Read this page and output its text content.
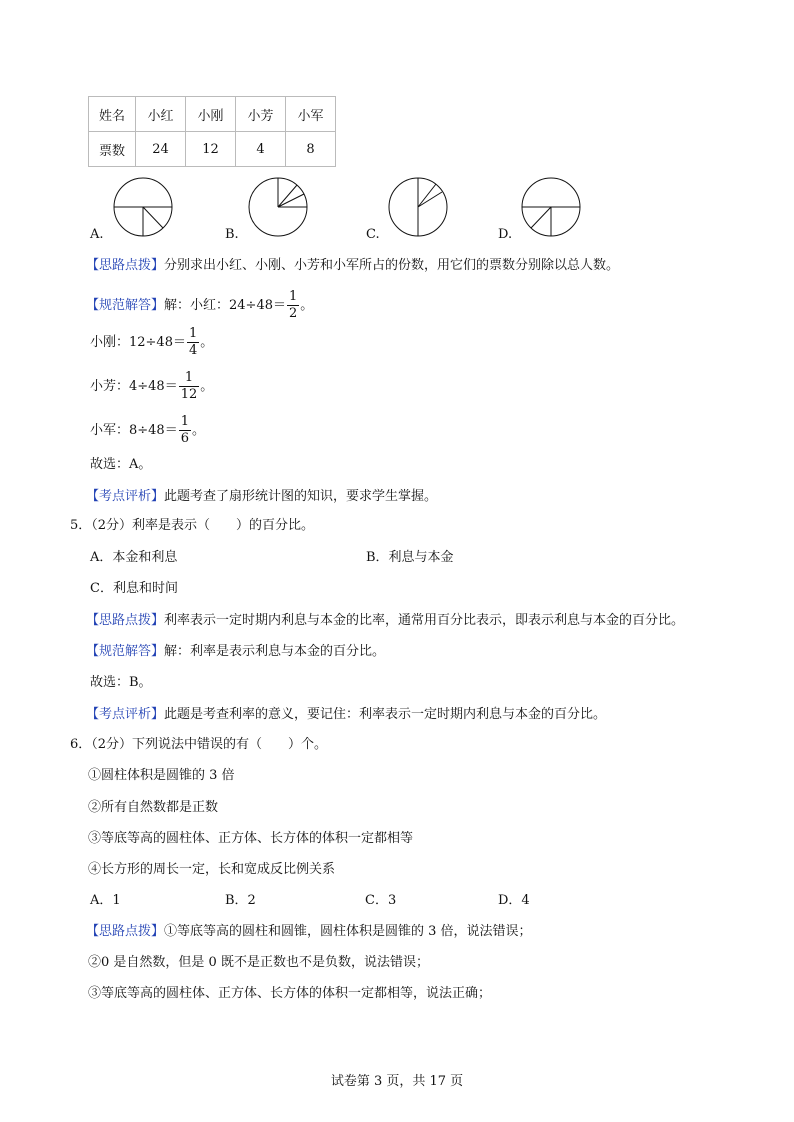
姓名	小红	小刚	小芳	小军
票数	24	12	4	8
A.	B.	C.	D.
【思路点拨】分别求出小红、小刚、小芳和小军所占的份数，用它们的票数分别除以总人数。
【规范解答】解：小红：$24\div 48= \frac{1}{2}$ 。
小刚：$12\div 48= \frac{1}{4}$ 。
小芳：$4\div 48= \frac{1}{12}$ 。
小军：$8\div 48= \frac{1}{6}$ 。
故选：A。
【考点评析】此题考查了扇形统计图的知识，要求学生掌握。
5．（2分）利率是表示（　　）的百分比。
A．本金和利息	B．利息与本金
C．利息和时间
【思路点拨】利率表示一定时期内利息与本金的比率，通常用百分比表示，即表示利息与本金的百分比。
【规范解答】解：利率是表示利息与本金的百分比。
故选：B。
【考点评析】此题是考查利率的意义，要记住：利率表示一定时期内利息与本金的百分比。
6．（2分）下列说法中错误的有（　　）个。
①圆柱体积是圆锥的 3 倍
②所有自然数都是正数
③等底等高的圆柱体、正方体、长方体的体积一定都相等
④长方形的周长一定，长和宽成反比例关系
A．1	B．2	C．3	D．4
【思路点拨】①等底等高的圆柱和圆锥，圆柱体积是圆锥的 3 倍，说法错误；
②0 是自然数，但是 0 既不是正数也不是负数，说法错误；
③等底等高的圆柱体、正方体、长方体的体积一定都相等，说法正确；
试卷第 3 页，共 17 页
